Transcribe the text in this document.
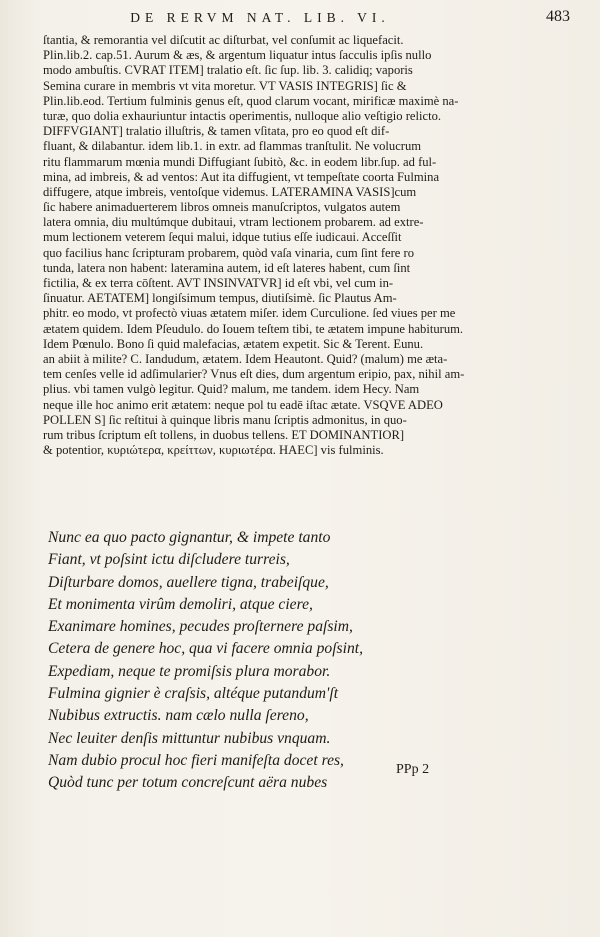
DE RERVM NAT. LIB. VI.	483
ſtantia, & remorantia vel diſcutit ac diſturbat, vel conſumit ac liquefacit.
Plin.lib.2. cap.51. Aurum & æs, & argentum liquatur intus ſacculis ipſis nullo
modo ambuſtis. CVRAT ITEM] tralatio eſt. ſic ſup. lib. 3. calidiq; vaporis
Semina curare in membris vt vita moretur. VT VASIS INTEGRIS] ſic &
Plin.lib.eod. Tertium fulminis genus eſt, quod clarum vocant, mirificæ maximè na-
turæ, quo dolia exhauriuntur intactis operimentis, nulloque alio veſtigio relicto.
DIFFVGIANT] tralatio illuſtris, & tamen vſitata, pro eo quod eſt dif-
fluant, & dilabantur. idem lib.1. in extr. ad flammas tranſtulit. Ne volucrum
ritu flammarum mœnia mundi Diffugiant ſubitò, &c. in eodem libr.ſup. ad ful-
mina, ad imbreis, & ad ventos: Aut ita diffugient, vt tempeſtate coorta Fulmina
diffugere, atque imbreis, ventoſque videmus. LATERAMINA VASIS]cum
ſic habere animaduerterem libros omneis manuſcriptos, vulgatos autem
latera omnia, diu multúmque dubitaui, vtram lectionem probarem. ad extre-
mum lectionem veterem ſequi malui, idque tutius eſſe iudicaui. Acceſſit
quo facilius hanc ſcripturam probarem, quòd vaſa vinaria, cum ſint fere ro
tunda, latera non habent: lateramina autem, id eſt lateres habent, cum ſint
fictilia, & ex terra cōſtent. AVT INSINVATVR] id eſt vbi, vel cum in-
ſinuatur. AETATEM] longiſsimum tempus, diutiſsimè. ſic Plautus Am-
phitr. eo modo, vt profectò viuas ætatem miſer. idem Curculione. ſed viues per me
ætatem quidem. Idem Pſeudulo. do Iouem teſtem tibi, te ætatem impune habiturum.
Idem Pœnulo. Bono ſi quid malefacias, ætatem expetit. Sic & Terent. Eunu.
an abiit à milite? C. Iandudum, ætatem. Idem Heautont. Quid? (malum) me æta-
tem cenſes velle id adſimularier? Vnus eſt dies, dum argentum eripio, pax, nihil am-
plius. vbi tamen vulgò legitur. Quid? malum, me tandem. idem Hecy. Nam
neque ille hoc animo erit ætatem: neque pol tu eadē iſtac ætate. VSQVE ADEO
POLLEN S] ſic reſtitui à quinque libris manu ſcriptis admonitus, in quo-
rum tribus ſcriptum eſt tollens, in duobus tellens. ET DOMINANTIOR]
& potentior, κυριώτερα, κρείττων, κυριωτέρα. HAEC] vis fulminis.
Nunc ea quo pacto gignantur, & impete tanto
Fiant, vt poſsint ictu diſcludere turreis,
Diſturbare domos, auellere tigna, trabeiſque,
Et monimenta virûm demoliri, atque ciere,
Exanimare homines, pecudes proſternere paſsim,
Cetera de genere hoc, qua vi facere omnia poſsint,
Expediam, neque te promiſsis plura morabor.
Fulmina gignier è craſsis, altéque putandum'ſt
Nubibus extructis. nam cælo nulla ſereno,
Nec leuiter denſis mittuntur nubibus vnquam.
Nam dubio procul hoc fieri manifeſta docet res,
Quòd tunc per totum concreſcunt aëra nubes
PPp 2
